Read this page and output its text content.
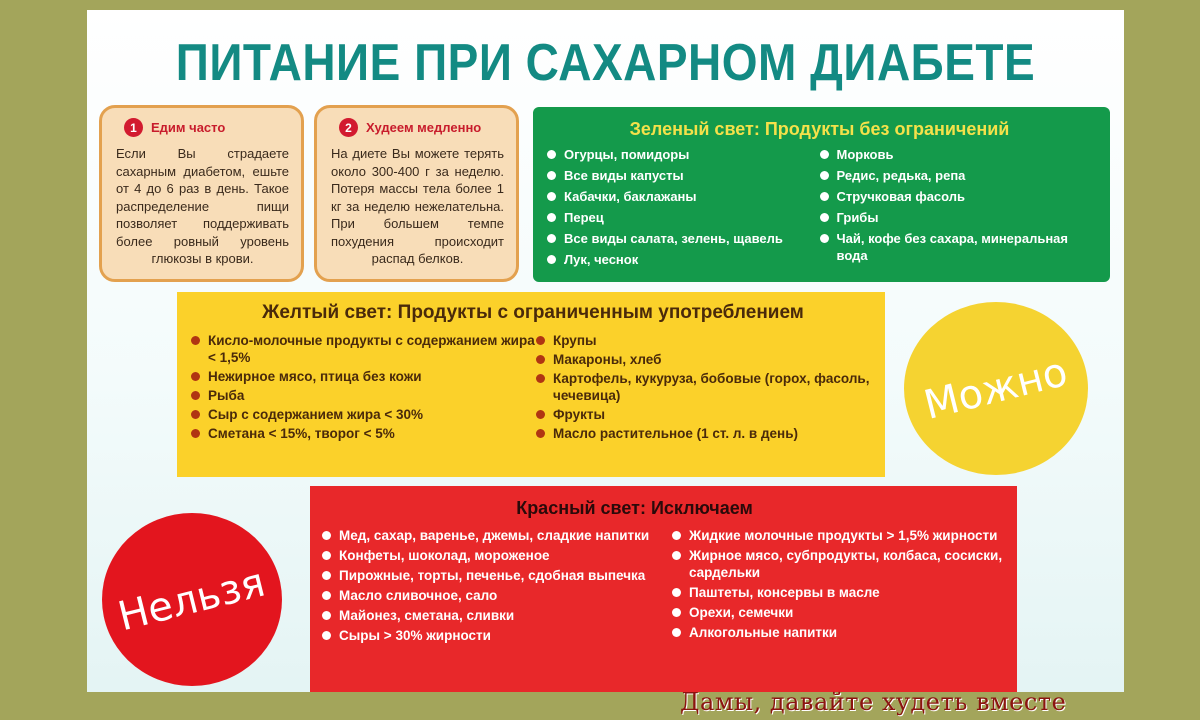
ПИТАНИЕ ПРИ САХАРНОМ ДИАБЕТЕ
1	Едим часто
Если Вы страдаете сахарным диабетом, ешьте от 4 до 6 раз в день. Такое распределение пищи позволяет поддерживать более ровный уровень глюкозы в крови.
2	Худеем медленно
На диете Вы можете терять около 300-400 г за неделю. Потеря массы тела более 1 кг за неделю нежелательна. При большем темпе похудения происходит распад белков.
Зеленый свет: Продукты без ограничений
Огурцы, помидоры
Все виды капусты
Кабачки, баклажаны
Перец
Все виды салата, зелень, щавель
Лук, чеснок
Морковь
Редис, редька, репа
Стручковая фасоль
Грибы
Чай, кофе без сахара, минеральная вода
Желтый свет: Продукты с ограниченным употреблением
Кисло-молочные продукты с содержанием жира < 1,5%
Нежирное мясо, птица без кожи
Рыба
Сыр с содержанием жира < 30%
Сметана < 15%, творог < 5%
Крупы
Макароны, хлеб
Картофель, кукуруза, бобовые (горох, фасоль, чечевица)
Фрукты
Масло растительное (1 ст. л. в день)
Можно
Красный свет: Исключаем
Мед, сахар, варенье, джемы, сладкие напитки
Конфеты, шоколад, мороженое
Пирожные, торты, печенье, сдобная выпечка
Масло сливочное, сало
Майонез, сметана, сливки
Сыры > 30% жирности
Жидкие молочные продукты > 1,5% жирности
Жирное мясо, субпродукты, колбаса, сосиски, сардельки
Паштеты, консервы в масле
Орехи, семечки
Алкогольные напитки
Нельзя
Дамы, давайте худеть вместе
